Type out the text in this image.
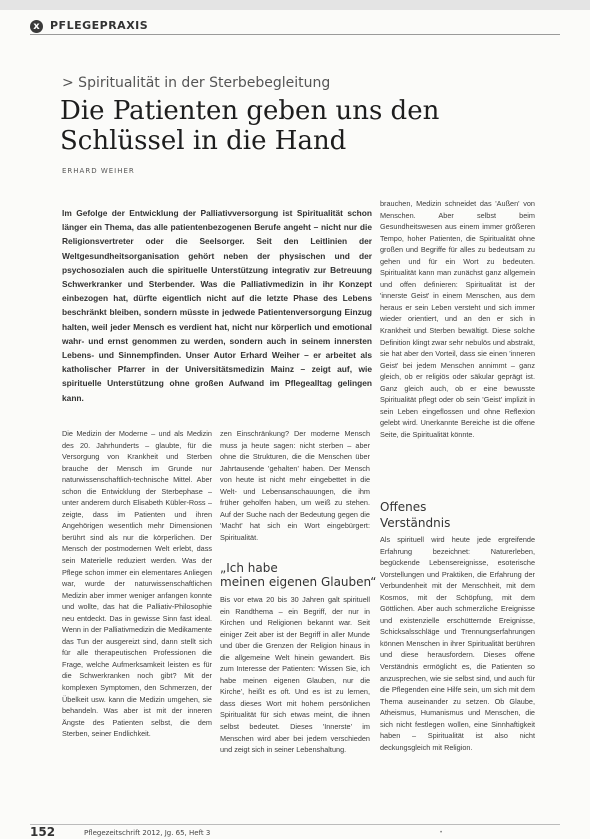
x PFLEGEPRAXIS
> Spiritualität in der Sterbebegleitung
Die Patienten geben uns den Schlüssel in die Hand
ERHARD WEIHER
Im Gefolge der Entwicklung der Palliativversorgung ist Spiritualität schon länger ein Thema, das alle patientenbezogenen Berufe angeht – nicht nur die Religionsvertreter oder die Seelsorger. Seit den Leitlinien der Weltgesundheitsorganisation gehört neben der physischen und der psychosozialen auch die spirituelle Unterstützung integrativ zur Betreuung Schwerkranker und Sterbender. Was die Palliativmedizin in ihr Konzept einbezogen hat, dürfte eigentlich nicht auf die letzte Phase des Lebens beschränkt bleiben, sondern müsste in jedwede Patientenversorgung Einzug halten, weil jeder Mensch es verdient hat, nicht nur körperlich und emotional wahr- und ernst genommen zu werden, sondern auch in seinem innersten Lebens- und Sinnempfinden. Unser Autor Erhard Weiher – er arbeitet als katholischer Pfarrer in der Universitätsmedizin Mainz – zeigt auf, wie spirituelle Unterstützung ohne großen Aufwand im Pflegealltag gelingen kann.

brauchen, Medizin schneidet das 'Außen' von Menschen. Aber selbst beim Gesundheitswesen aus einem immer größeren Tempo, hoher Patienten, die Spiritualität ohne großen und Begriffe für alles zu bedeutsam zu gehen und für ein Wort zu bedeuten. Spiritualität kann man zunächst ganz allgemein und offen definieren: Spiritualität ist der 'innerste Geist' in einem Menschen, aus dem heraus er sein Leben versteht und sich immer wieder orientiert, und an den er sich in Krankheit und Sterben bewältigt. Diese solche Definition klingt zwar sehr nebulös und abstrakt, sie hat aber den Vorteil, dass sie einen 'inneren Geist' bei jedem Menschen annimmt – ganz gleich, ob er religiös oder säkular geprägt ist. Ganz gleich auch, ob er eine bewusste Spiritualität pflegt oder ob sein 'Geist' implizit in sein Leben eingeflossen und ohne Reflexion gelebt wird. Unerkannte Bereiche ist die offene Seite, die Spiritualität könnte.

Die Medizin der Moderne – und als Medizin des 20. Jahrhunderts – glaubte, für die Versorgung von Krankheit und Sterben brauche der Mensch im Grunde nur naturwissenschaftlich-technische Mittel. Aber schon die Entwicklung der Sterbephase – unter anderem durch Elisabeth Kübler-Ross – zeigte, dass im Patienten und ihren Angehörigen wesentlich mehr Dimensionen berührt sind als nur die körperlichen. Der Mensch der postmodernen Welt erlebt, dass sein Materielle reduziert werden. Was der Pflege schon immer ein elementares Anliegen war, wurde der naturwissenschaftlichen Medizin aber immer weniger anfangen konnte und wollte, das hat die Palliativ-Philosophie neu entdeckt. Das in gewisse Sinn fast ideal. Wenn in der Palliativmedizin die Medikamente das Tun der ausgereizt sind, dann stellt sich für alle therapeutischen Professionen die Frage, welche Aufmerksamkeit leisten es für die Schwerkranken noch gibt? Mit der komplexen Symptomen, den Schmerzen, der Übelkeit usw. kann die Medizin umgehen, sie behandeln. Was aber ist mit der inneren Ängste des Patienten selbst, die dem Sterben, seiner Endlichkeit.

zen Einschränkung? Der moderne Mensch muss ja heute sagen: nicht sterben – aber ohne die Strukturen, die die Menschen über Jahrtausende 'gehalten' haben. Der Mensch von heute ist nicht mehr eingebettet in die Welt- und Lebensanschauungen, die ihm früher geholfen haben, um weiß zu stehen. Auf der Suche nach der Bedeutung gegen die 'Macht' hat sich ein Wort eingebürgert: Spiritualität.

„Ich habe
meinen eigenen Glauben“

Bis vor etwa 20 bis 30 Jahren galt spirituell ein Randthema – ein Begriff, der nur in Kirchen und Religionen bekannt war. Seit einiger Zeit aber ist der Begriff in aller Munde und über die Grenzen der Religion hinaus in die allgemeine Welt hinein gewandert. Bis zum Interesse der Patienten: 'Wissen Sie, ich habe meinen eigenen Glauben, nur die Kirche', heißt es oft. Und es ist zu lernen, dass dieses Wort mit hohem persönlichen Spiritualität für sich etwas meint, die ihnen selbst bedeutet. Dieses 'Innerste' im Menschen wird aber bei jedem verschieden und zeigt sich in seiner Lebenshaltung.

Offenes
Verständnis

Als spirituell wird heute jede ergreifende Erfahrung bezeichnet: Naturerleben, begückende Lebensereignisse, esoterische Vorstellungen und Praktiken, die Erfahrung der Verbundenheit mit der Menschheit, mit dem Kosmos, mit der Schöpfung, mit dem Göttlichen. Aber auch schmerzliche Ereignisse und existenzielle erschütternde Ereignisse, Schicksalsschläge und Trennungserfahrungen können Menschen in ihrer Spiritualität berühren und diese herausfordern. Dieses offene Verständnis ermöglicht es, die Patienten so anzusprechen, wie sie selbst sind, und auch für die Pflegenden eine Hilfe sein, um sich mit dem Thema auseinander zu setzen. Ob Glaube, Atheismus, Humanismus und Menschen, die sich nicht festlegen wollen, eine Sinnhaftigkeit haben – Spiritualität ist also nicht deckungsgleich mit Religion.

152	Pflegezeitschrift 2012, Jg. 65, Heft 3	•
